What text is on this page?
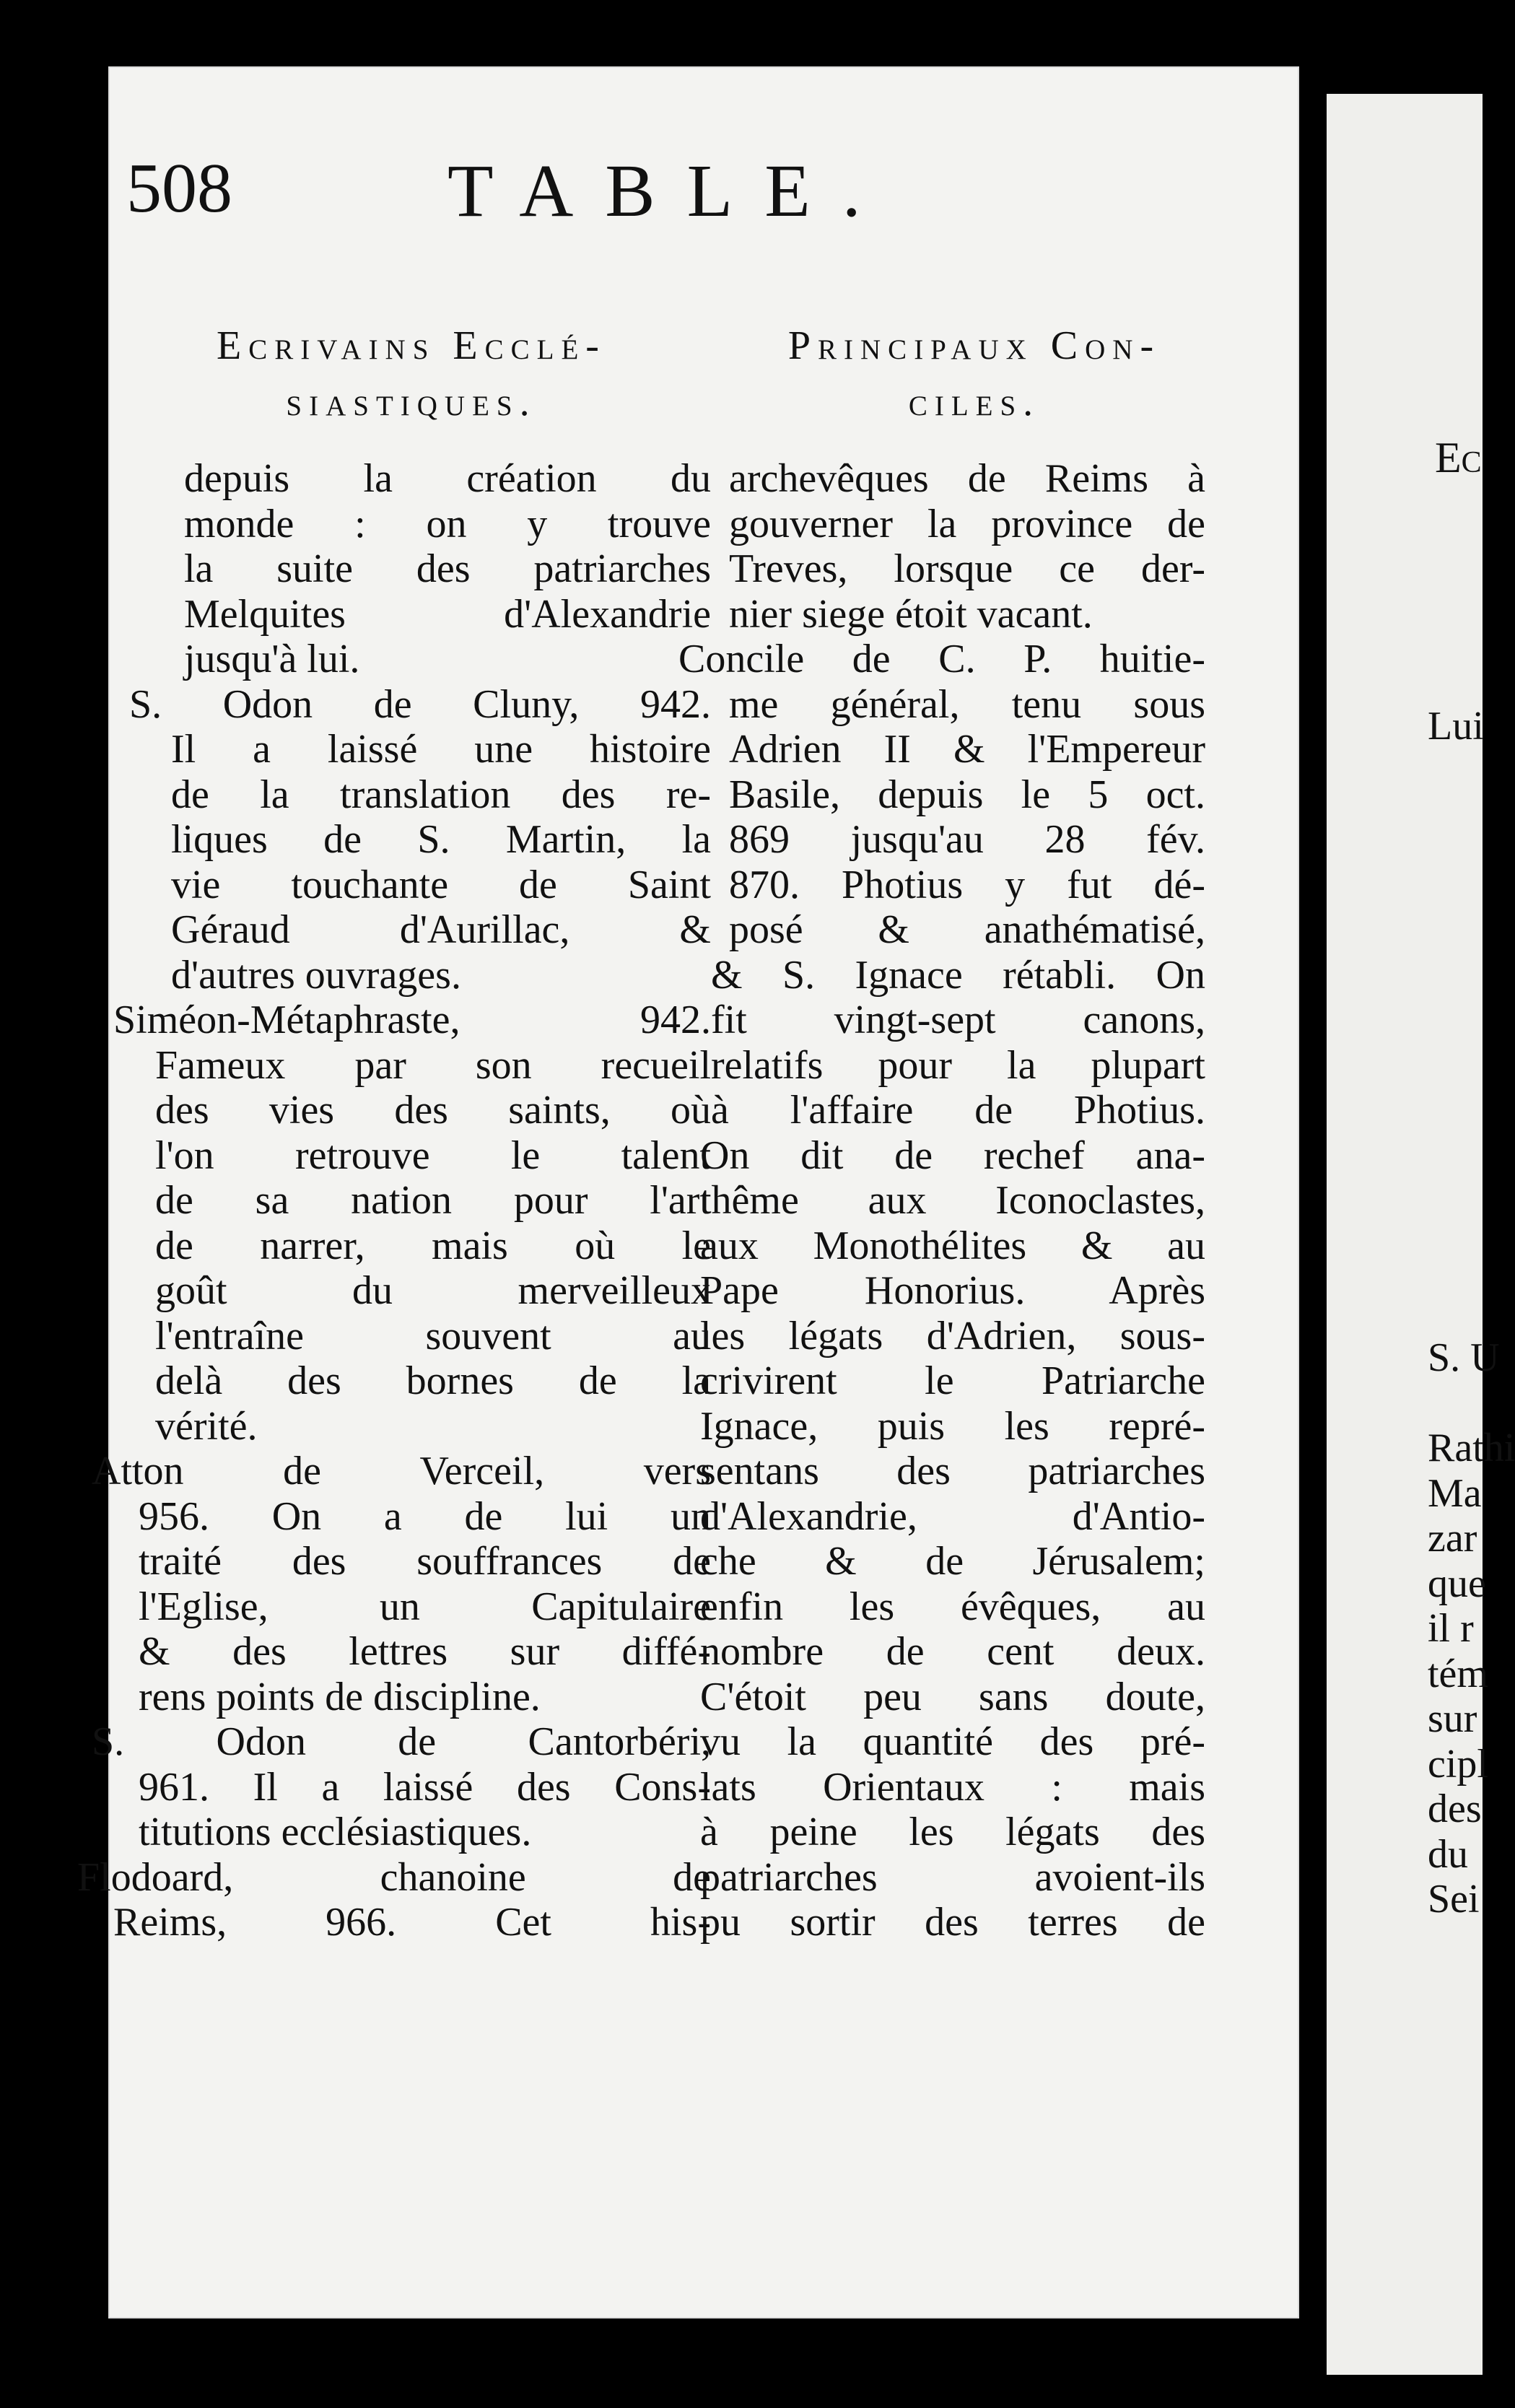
Ec

Lui

S. U

Rathi
Ma
zar
que
il r
tém
sur
cipl
des
du
Sei
508	TABLE.
Ecrivains Ecclé-
siastiques.
Principaux Con-
ciles.
depuis la création du
monde : on y trouve
la suite des patriarches
Melquites d'Alexandrie
jusqu'à lui.
S. Odon de Cluny, 942.
Il a laissé une histoire
de la translation des re-
liques de S. Martin, la
vie touchante de Saint
Géraud d'Aurillac, &
d'autres ouvrages.
Siméon-Métaphraste, 942.
Fameux par son recueil
des vies des saints, où
l'on retrouve le talent
de sa nation pour l'art
de narrer, mais où le
goût du merveilleux
l'entraîne souvent au
delà des bornes de la
vérité.
Atton de Verceil, vers
956. On a de lui un
traité des souffrances de
l'Eglise, un Capitulaire
& des lettres sur diffé-
rens points de discipline.
S. Odon de Cantorbéri,
961. Il a laissé des Cons-
titutions ecclésiastiques.
Flodoard, chanoine de
Reims, 966. Cet his-
archevêques de Reims à
gouverner la province de
Treves, lorsque ce der-
nier siege étoit vacant.
Concile de C. P. huitie-
me général, tenu sous
Adrien II & l'Empereur
Basile, depuis le 5 oct.
869 jusqu'au 28 fév.
870. Photius y fut dé-
posé & anathématisé,
& S. Ignace rétabli. On
fit vingt-sept canons,
relatifs pour la plupart
à l'affaire de Photius.
On dit de rechef ana-
thême aux Iconoclastes,
aux Monothélites & au
Pape Honorius. Après
les légats d'Adrien, sous-
crivirent le Patriarche
Ignace, puis les repré-
sentans des patriarches
d'Alexandrie, d'Antio-
che & de Jérusalem;
enfin les évêques, au
nombre de cent deux.
C'étoit peu sans doute,
vu la quantité des pré-
lats Orientaux : mais
à peine les légats des
patriarches avoient-ils
pu sortir des terres de
